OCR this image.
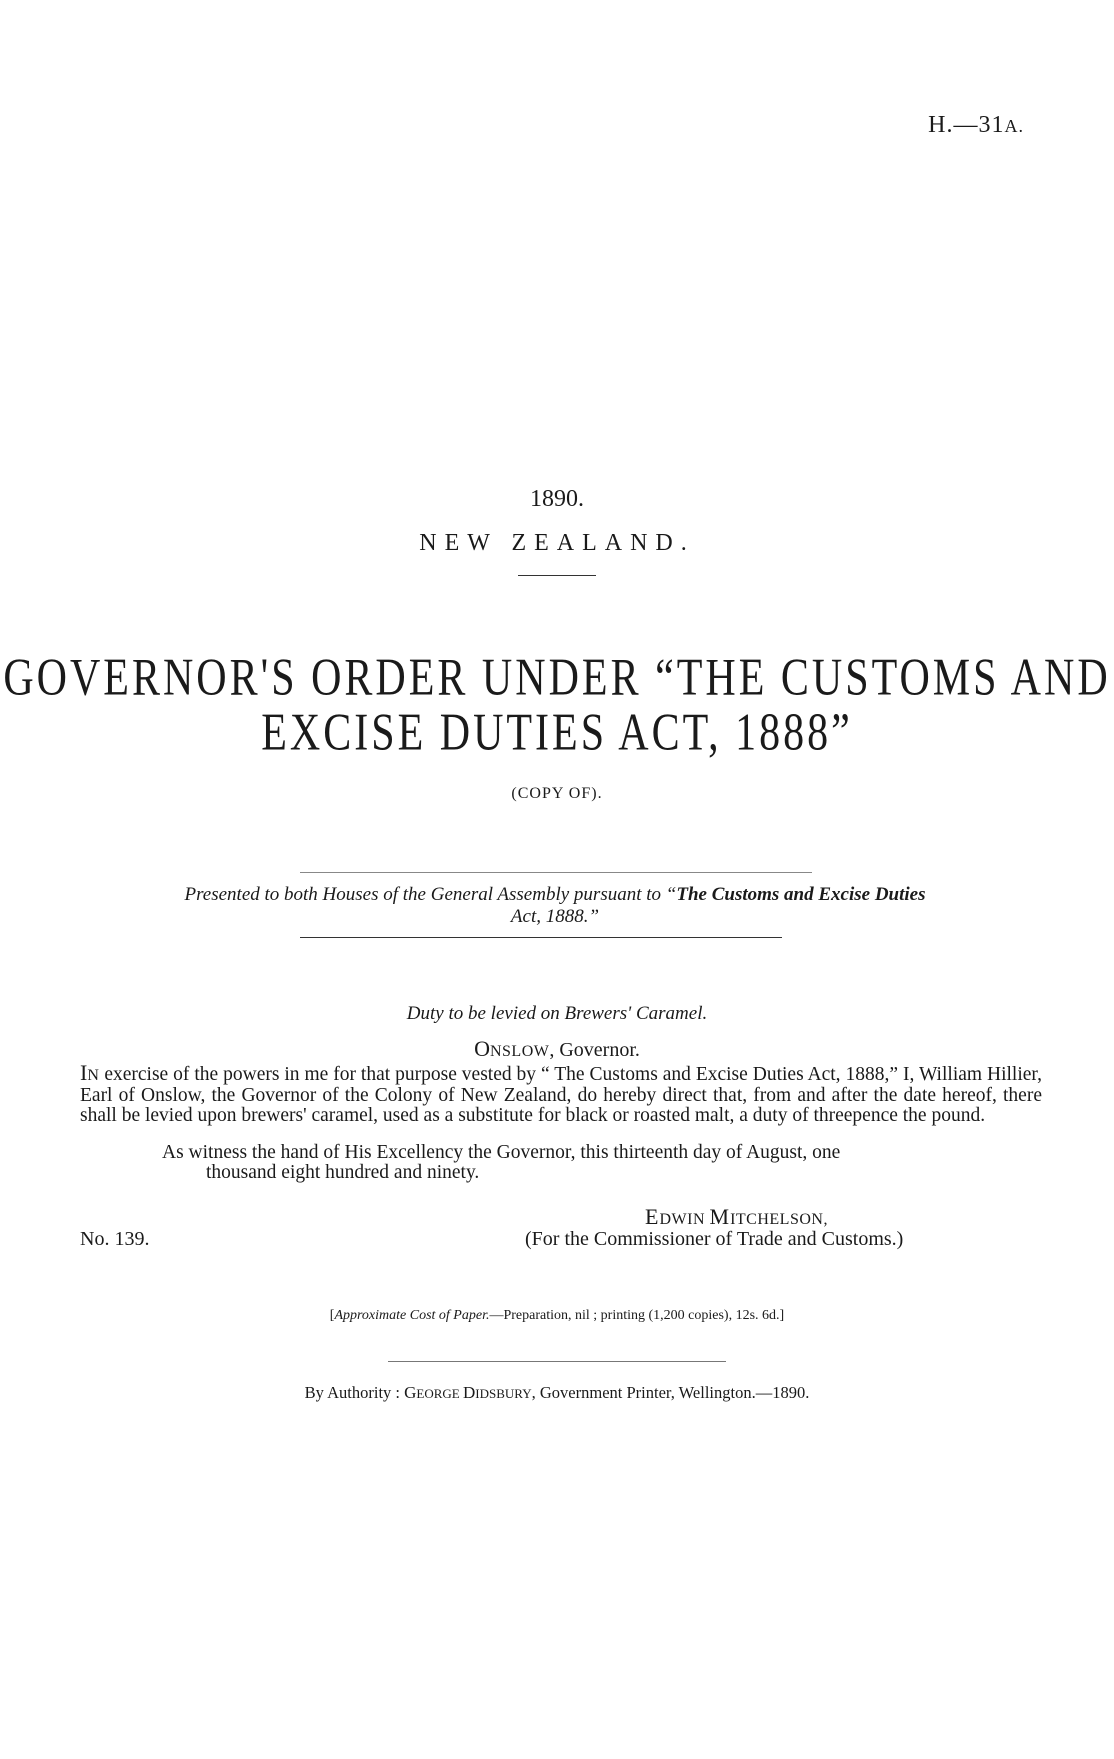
H.—31A.
1890.
NEW ZEALAND.
GOVERNOR'S ORDER UNDER “THE CUSTOMS AND
EXCISE DUTIES ACT, 1888”
(COPY OF).
Presented to both Houses of the General Assembly pursuant to “The Customs and Excise Duties
Act, 1888.”
Duty to be levied on Brewers' Caramel.
ONSLOW, Governor.

IN exercise of the powers in me for that purpose vested by “ The Customs and Excise Duties Act, 1888,” I, William Hillier, Earl of Onslow, the Governor of the Colony of New Zealand, do hereby direct that, from and after the date hereof, there shall be levied upon brewers' caramel, used as a substitute for black or roasted malt, a duty of threepence the pound.

As witness the hand of His Excellency the Governor, this thirteenth day of August, one
thousand eight hundred and ninety.
EDWIN MITCHELSON,
(For the Commissioner of Trade and Customs.)
No. 139.
[Approximate Cost of Paper.—Preparation, nil ; printing (1,200 copies), 12s. 6d.]
By Authority : GEORGE DIDSBURY, Government Printer, Wellington.—1890.
